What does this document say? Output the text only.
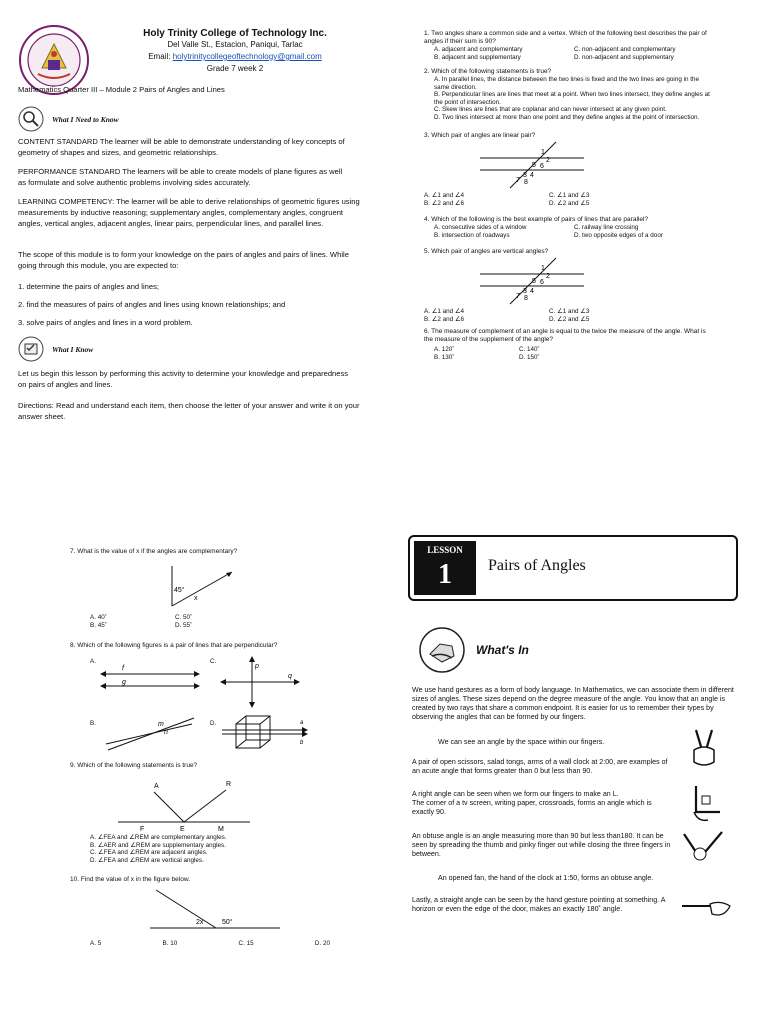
Holy Trinity College of Technology Inc.
Del Valle St., Estacion, Paniqui, Tarlac
Email: holytrinitycollegeoftechnology@gmail.com
Grade 7 week 2
Mathematics Quarter III – Module 2 Pairs of Angles and Lines
What I Need to Know
CONTENT STANDARD The learner will be able to demonstrate understanding of key concepts of geometry of shapes and sizes, and geometric relationships.
PERFORMANCE STANDARD The learners will be able to create models of plane figures as well as formulate and solve authentic problems involving sides accurately.
LEARNING COMPETENCY: The learner will be able to derive relationships of geometric figures using measurements by inductive reasoning; supplementary angles, complementary angles, congruent angles, vertical angles, adjacent angles, linear pairs, perpendicular lines, and parallel lines.
The scope of this module is to form your knowledge on the pairs of angles and pairs of lines. While going through this module, you are expected to:
1. determine the pairs of angles and lines;
2. find the measures of pairs of angles and lines using known relationships; and
3. solve pairs of angles and lines in a word problem.
What I Know
Let us begin this lesson by performing this activity to determine your knowledge and preparedness on pairs of angles and lines.
Directions: Read and understand each item, then choose the letter of your answer and write it on your answer sheet.
1. Two angles share a common side and a vertex. Which of the following best describes the pair of angles if their sum is 90?
A. adjacent and complementary	C. non-adjacent and complementary
B. adjacent and supplementary	D. non-adjacent and supplementary
2. Which of the following statements is true?
A. In parallel lines, the distance between the two lines is fixed and the two lines are going in the same direction.
B. Perpendicular lines are lines that meet at a point. When two lines intersect, they define angles at the point of intersection.
C. Skew lines are lines that are coplanar and can never intersect at any given point.
D. Two lines intersect at more than one point and they define angles at the point of intersection.
3. Which pair of angles are linear pair?
1
2
5 6
3 4
7 8
A. ∠1 and ∠4	C. ∠1 and ∠3
B. ∠2 and ∠6	D. ∠2 and ∠5
4. Which of the following is the best example of pairs of lines that are parallel?
A. consecutive sides of a window	C. railway line crossing
B. intersection of roadways	D. two opposite edges of a door
5. Which pair of angles are vertical angles?
1
2
5 6
3 4
7 8
A. ∠1 and ∠4	C. ∠1 and ∠3
B. ∠2 and ∠6	D. ∠2 and ∠5
6. The measure of complement of an angle is equal to the twice the measure of the angle. What is the measure of the supplement of the angle?
A. 120˚	C. 140˚
B. 130˚	D. 150˚
7. What is the value of x if the angles are complementary?
45°
x
A. 40˚	C. 50˚
B. 45˚	D. 55˚
8. Which of the following figures is a pair of lines that are perpendicular?
A.
f
g
C.
p
q
B.	m
n
D.	a
b
9. Which of the following statements is true?
A	R
F	E	M
A. ∠FEA and ∠REM are complementary angles.
B. ∠AER and ∠REM are supplementary angles.
C. ∠FEA and ∠REM are adjacent angles.
D. ∠FEA and ∠REM are vertical angles.
10. Find the value of x in the figure below.
2x	50°
A. 5	B. 10	C. 15	D. 20
LESSON
1	Pairs of Angles
What's In
We use hand gestures as a form of body language. In Mathematics, we can associate them in different sizes of angles. These sizes depend on the degree measure of the angle. You know that an angle is created by two rays that share a common endpoint. It is easier for us to remember their types by observing the angles that can be formed by our fingers.
We can see an angle by the space within our fingers.
A pair of open scissors, salad tongs, arms of a wall clock at 2:00, are examples of an acute angle that forms greater than 0 but less than 90.
A right angle can be seen when we form our fingers to make an L.
The corner of a tv screen, writing paper, crossroads, forms an angle which is exactly 90.
An obtuse angle is an angle measuring more than 90 but less than180. It can be seen by spreading the thumb and pinky finger out while closing the three fingers in between.
An opened fan, the hand of the clock at 1:50, forms an obtuse angle.
Lastly, a straight angle can be seen by the hand gesture pointing at something. A horizon or even the edge of the door, makes an exactly 180˚ angle.
